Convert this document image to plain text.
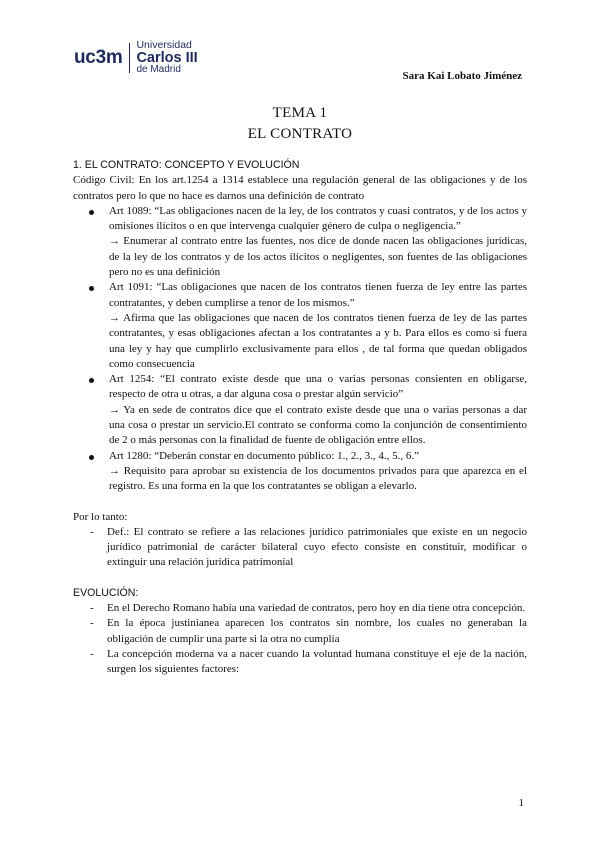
uc3m
Universidad
Carlos III
de Madrid
Sara Kai Lobato Jiménez
TEMA 1
EL CONTRATO

1. EL CONTRATO: CONCEPTO Y EVOLUCIÓN

Código Civil: En los art.1254 a 1314 establece una regulación general de las obligaciones y de los contratos pero lo que no hace es darnos una definición de contrato

Art 1089: “Las obligaciones nacen de la ley, de los contratos y cuasi contratos, y de los actos y omisiones ilícitos o en que intervenga cualquier género de culpa o negligencia.”
→ Enumerar al contrato entre las fuentes, nos dice de donde nacen las obligaciones jurídicas, de la ley de los contratos y de los actos ilícitos o negligentes, son fuentes de las obligaciones pero no es una definición
Art 1091: “Las obligaciones que nacen de los contratos tienen fuerza de ley entre las partes contratantes, y deben cumplirse a tenor de los mismos.”
→ Afirma que las obligaciones que nacen de los contratos tienen fuerza de ley de las partes contratantes, y esas obligaciones afectan a los contratantes a y b. Para ellos es como si fuera una ley y hay que cumplirlo exclusivamente para ellos , de tal forma que quedan obligados como consecuencia
Art 1254: “El contrato existe desde que una o varias personas consienten en obligarse, respecto de otra u otras, a dar alguna cosa o prestar algún servicio”
→ Ya en sede de contratos dice que el contrato existe desde que una o varias personas a dar una cosa o prestar un servicio.El contrato se conforma como la conjunción de consentimiento de 2 o más personas con la finalidad de fuente de obligación entre ellos.
Art 1280: “Deberán constar en documento público: 1., 2., 3., 4., 5., 6.”
→ Requisito para aprobar su existencia de los documentos privados para que aparezca en el registro. Es una forma en la que los contratantes se obligan a elevarlo.

Por lo tanto:

-	Def.: El contrato se refiere a las relaciones jurídico patrimoniales que existe en un negocio jurídico patrimonial de carácter bilateral cuyo efecto consiste en constituir, modificar o extinguir una relación jurídica patrimonial

EVOLUCIÓN:

-	En el Derecho Romano había una variedad de contratos, pero hoy en día tiene otra concepción.
-	En la época justinianea aparecen los contratos sin nombre, los cuales no generaban la obligación de cumplir una parte si la otra no cumplía
-	La concepción moderna va a nacer cuando la voluntad humana constituye el eje de la nación, surgen los siguientes factores:
1
